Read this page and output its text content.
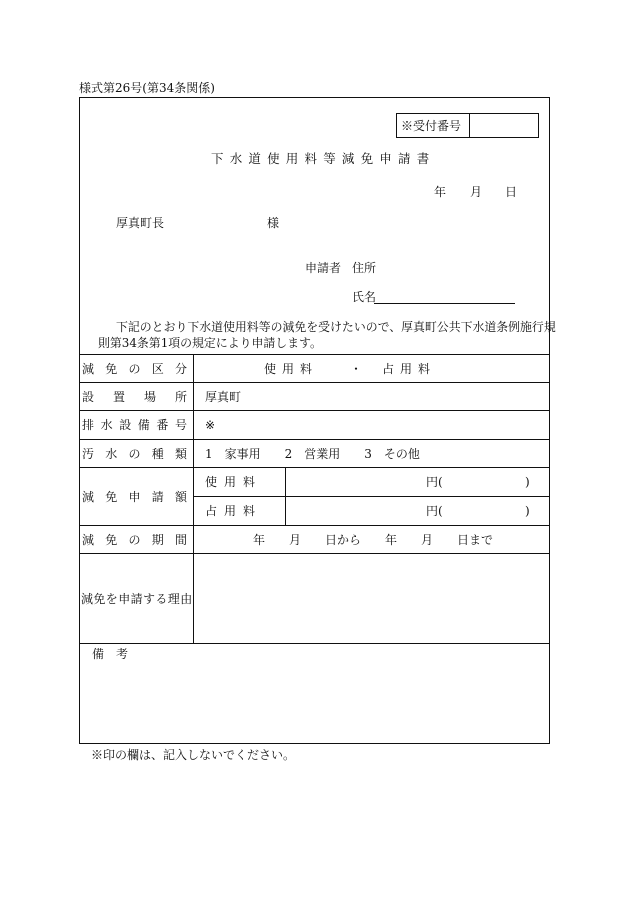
様式第26号(第34条関係)
※受付番号
下水道使用料等減免申請書
年 月 日
厚真町長	様
申請者 住所
氏名
下記のとおり下水道使用料等の減免を受けたいので、厚真町公共下水道条例施行規
則第34条第1項の規定により申請します。
減 免 の 区 分	使用料	・ 占用料
設 置 場 所 厚真町
排 水 設 備 番 号 ※
汚 水 の 種 類 1　家事用　　2　営業用　　3　その他
減 免 申 請 額
使用料	円(	)
占用料	円(	)
減 免 の 期 間	年　　月　　日から　　年　　月　　日まで
減免を申請する理由
備　考
※印の欄は、記入しないでください。
